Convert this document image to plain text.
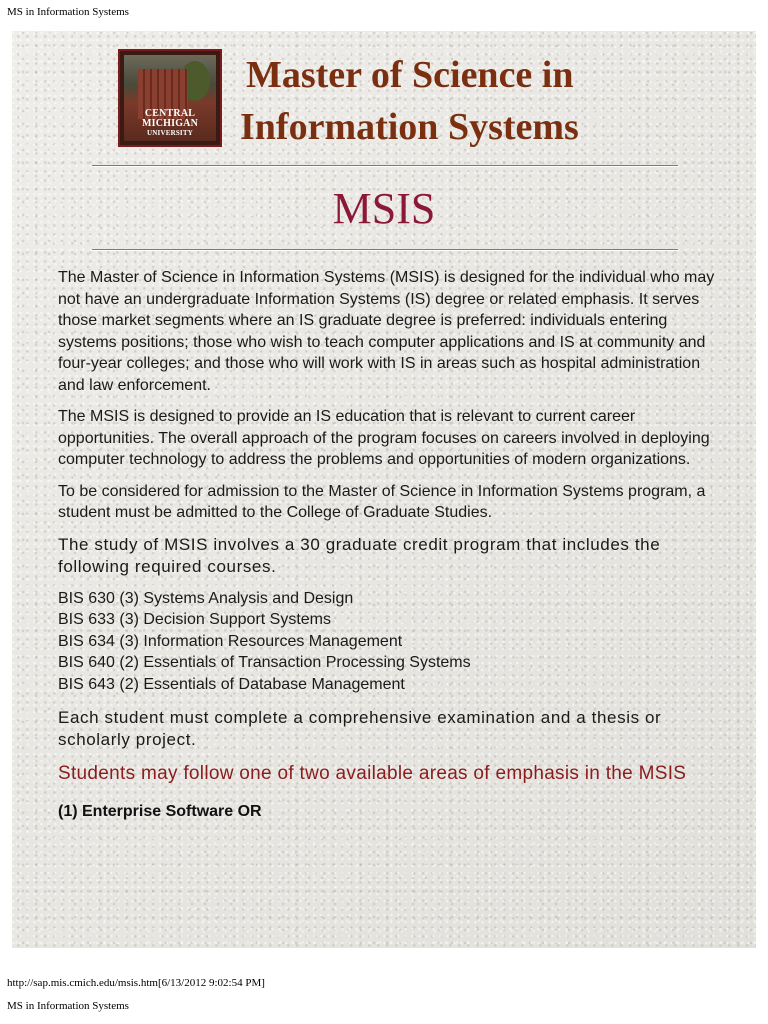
MS in Information Systems
CENTRAL
MICHIGAN
UNIVERSITY
Master of Science in
Information Systems
MSIS

The Master of Science in Information Systems (MSIS) is designed for the individual who may not have an undergraduate Information Systems (IS) degree or related emphasis. It serves those market segments where an IS graduate degree is preferred: individuals entering systems positions; those who wish to teach computer applications and IS at community and four-year colleges; and those who will work with IS in areas such as hospital administration and law enforcement.

The MSIS is designed to provide an IS education that is relevant to current career opportunities. The overall approach of the program focuses on careers involved in deploying computer technology to address the problems and opportunities of modern organizations.

To be considered for admission to the Master of Science in Information Systems program, a student must be admitted to the College of Graduate Studies.

The study of MSIS involves a 30 graduate credit program that includes the following required courses.

BIS 630 (3) Systems Analysis and Design
BIS 633 (3) Decision Support Systems
BIS 634 (3) Information Resources Management
BIS 640 (2) Essentials of Transaction Processing Systems
BIS 643 (2) Essentials of Database Management

Each student must complete a comprehensive examination and a thesis or scholarly project.

Students may follow one of two available areas of emphasis in the MSIS

(1) Enterprise Software OR
http://sap.mis.cmich.edu/msis.htm[6/13/2012 9:02:54 PM]
MS in Information Systems
